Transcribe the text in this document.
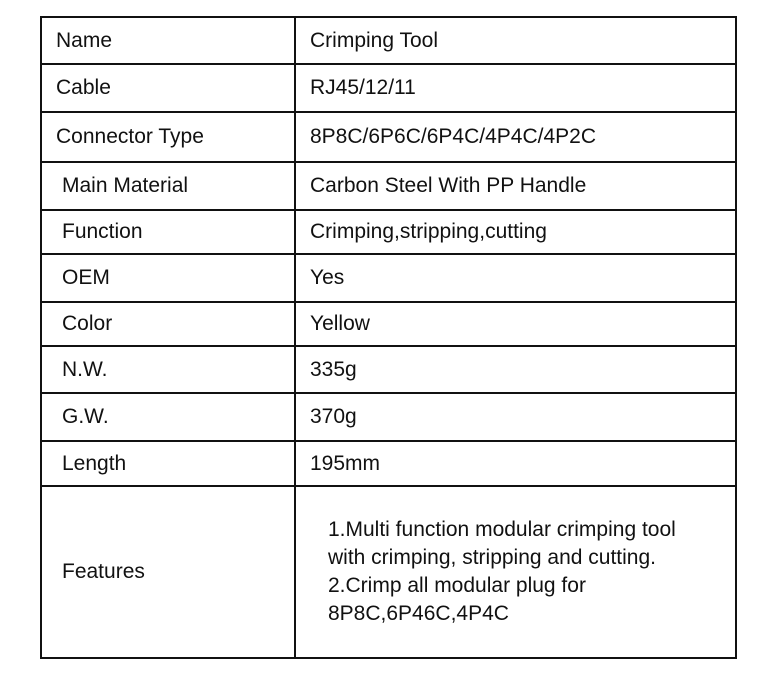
Name	Crimping Tool
Cable	RJ45/12/11
Connector Type	8P8C/6P6C/6P4C/4P4C/4P2C
Main Material	Carbon Steel With PP Handle
Function	Crimping,stripping,cutting
OEM	Yes
Color	Yellow
N.W.	335g
G.W.	370g
Length	195mm
Features	1.Multi function modular crimping tool
with crimping, stripping and cutting.
2.Crimp all modular plug for
8P8C,6P46C,4P4C
